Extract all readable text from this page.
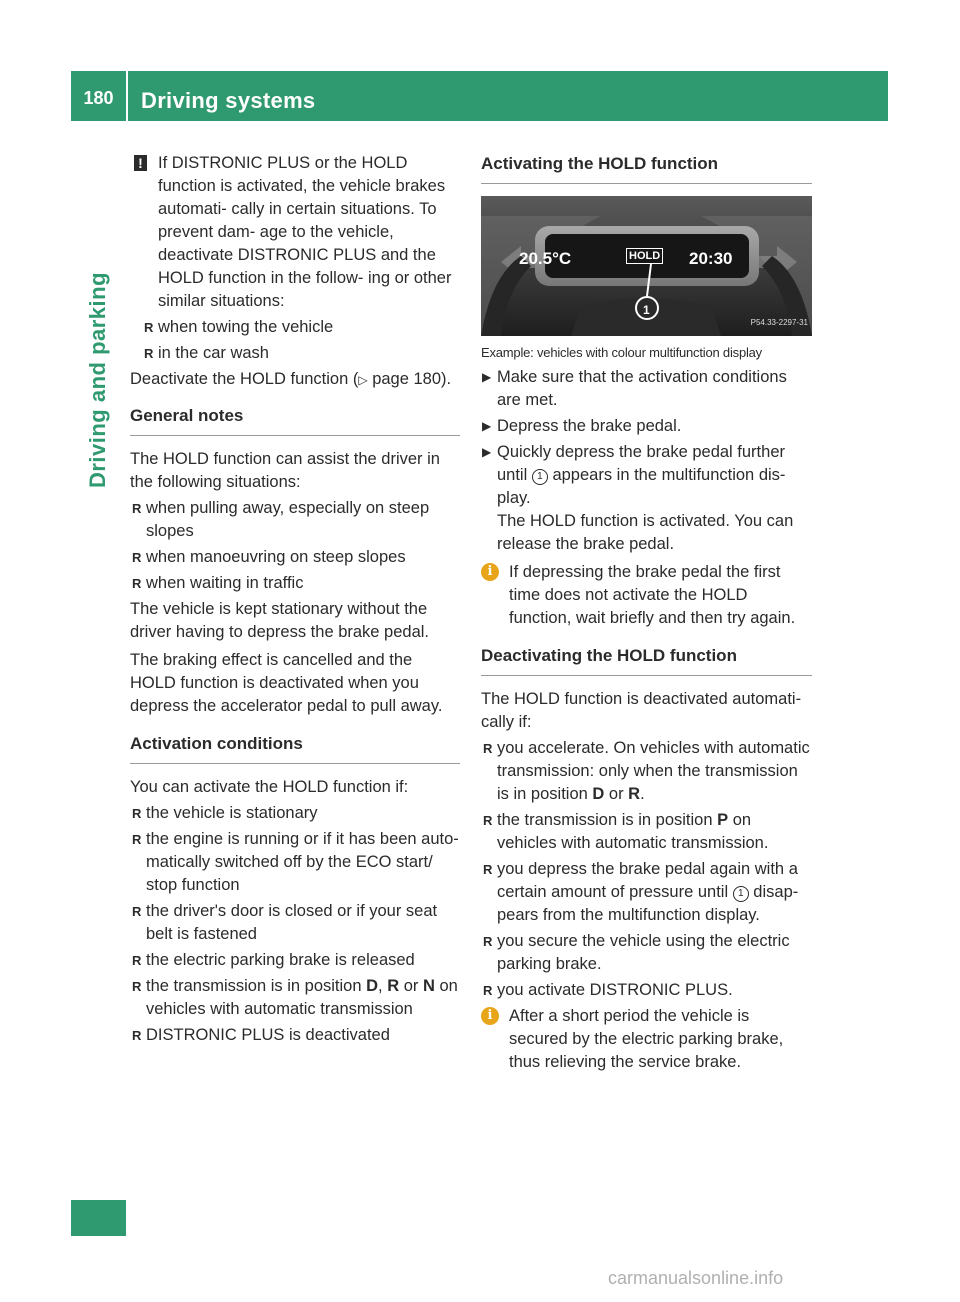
180	Driving systems
Driving and parking

! If DISTRONIC PLUS or the HOLD function is activated, the vehicle brakes automati- cally in certain situations. To prevent dam- age to the vehicle, deactivate DISTRONIC PLUS and the HOLD function in the follow- ing or other similar situations:

R when towing the vehicle
R in the car wash

Deactivate the HOLD function (▷ page 180).

General notes

The HOLD function can assist the driver in the following situations:

R when pulling away, especially on steep slopes
R when manoeuvring on steep slopes
R when waiting in traffic

The vehicle is kept stationary without the driver having to depress the brake pedal.

The braking effect is cancelled and the HOLD function is deactivated when you depress the accelerator pedal to pull away.

Activation conditions

You can activate the HOLD function if:

R the vehicle is stationary
R the engine is running or if it has been auto- matically switched off by the ECO start/ stop function
R the driver's door is closed or if your seat belt is fastened
R the electric parking brake is released
R the transmission is in position D, R or N on vehicles with automatic transmission
R DISTRONIC PLUS is deactivated
Activating the HOLD function
20.5°C	HOLD 20:30
1
P54.33-2297-31

Example: vehicles with colour multifunction display

▶ Make sure that the activation conditions are met.
▶ Depress the brake pedal.
▶ Quickly depress the brake pedal further until 1 appears in the multifunction dis- play.

The HOLD function is activated. You can release the brake pedal.

i	If depressing the brake pedal the first time does not activate the HOLD function, wait briefly and then try again.

Deactivating the HOLD function

The HOLD function is deactivated automati- cally if:

R you accelerate. On vehicles with automatic transmission: only when the transmission is in position D or R.
R the transmission is in position P on vehicles with automatic transmission.
R you depress the brake pedal again with a certain amount of pressure until 1 disap- pears from the multifunction display.
R you secure the vehicle using the electric parking brake.
R you activate DISTRONIC PLUS.

i	After a short period the vehicle is secured by the electric parking brake, thus relieving the service brake.

carmanualsonline.info
